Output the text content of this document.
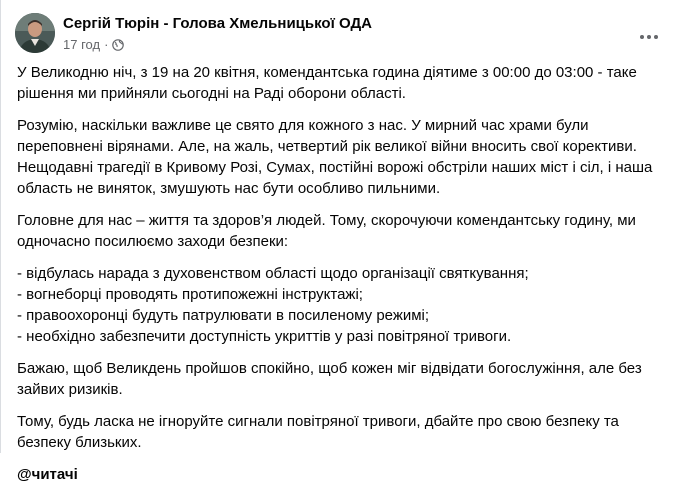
Сергій Тюрін - Голова Хмельницької ОДА
17 год ·

У Великодню ніч, з 19 на 20 квітня, комендантська година діятиме з 00:00 до 03:00 - таке
рішення ми прийняли сьогодні на Раді оборони області.

Розумію, наскільки важливе це свято для кожного з нас. У мирний час храми були
переповнені вірянами. Але, на жаль, четвертий рік великої війни вносить свої корективи.
Нещодавні трагедії в Кривому Розі, Сумах, постійні ворожі обстріли наших міст і сіл, і наша
область не виняток, змушують нас бути особливо пильними.

Головне для нас – життя та здоров’я людей. Тому, скорочуючи комендантську годину, ми
одночасно посилюємо заходи безпеки:

- відбулась нарада з духовенством області щодо організації святкування;
- вогнеборці проводять протипожежні інструктажі;
- правоохоронці будуть патрулювати в посиленому режимі;
- необхідно забезпечити доступність укриттів у разі повітряної тривоги.

Бажаю, щоб Великдень пройшов спокійно, щоб кожен міг відвідати богослужіння, але без
зайвих ризиків.

Тому, будь ласка не ігноруйте сигнали повітряної тривоги, дбайте про свою безпеку та
безпеку близьких.

@читачі
